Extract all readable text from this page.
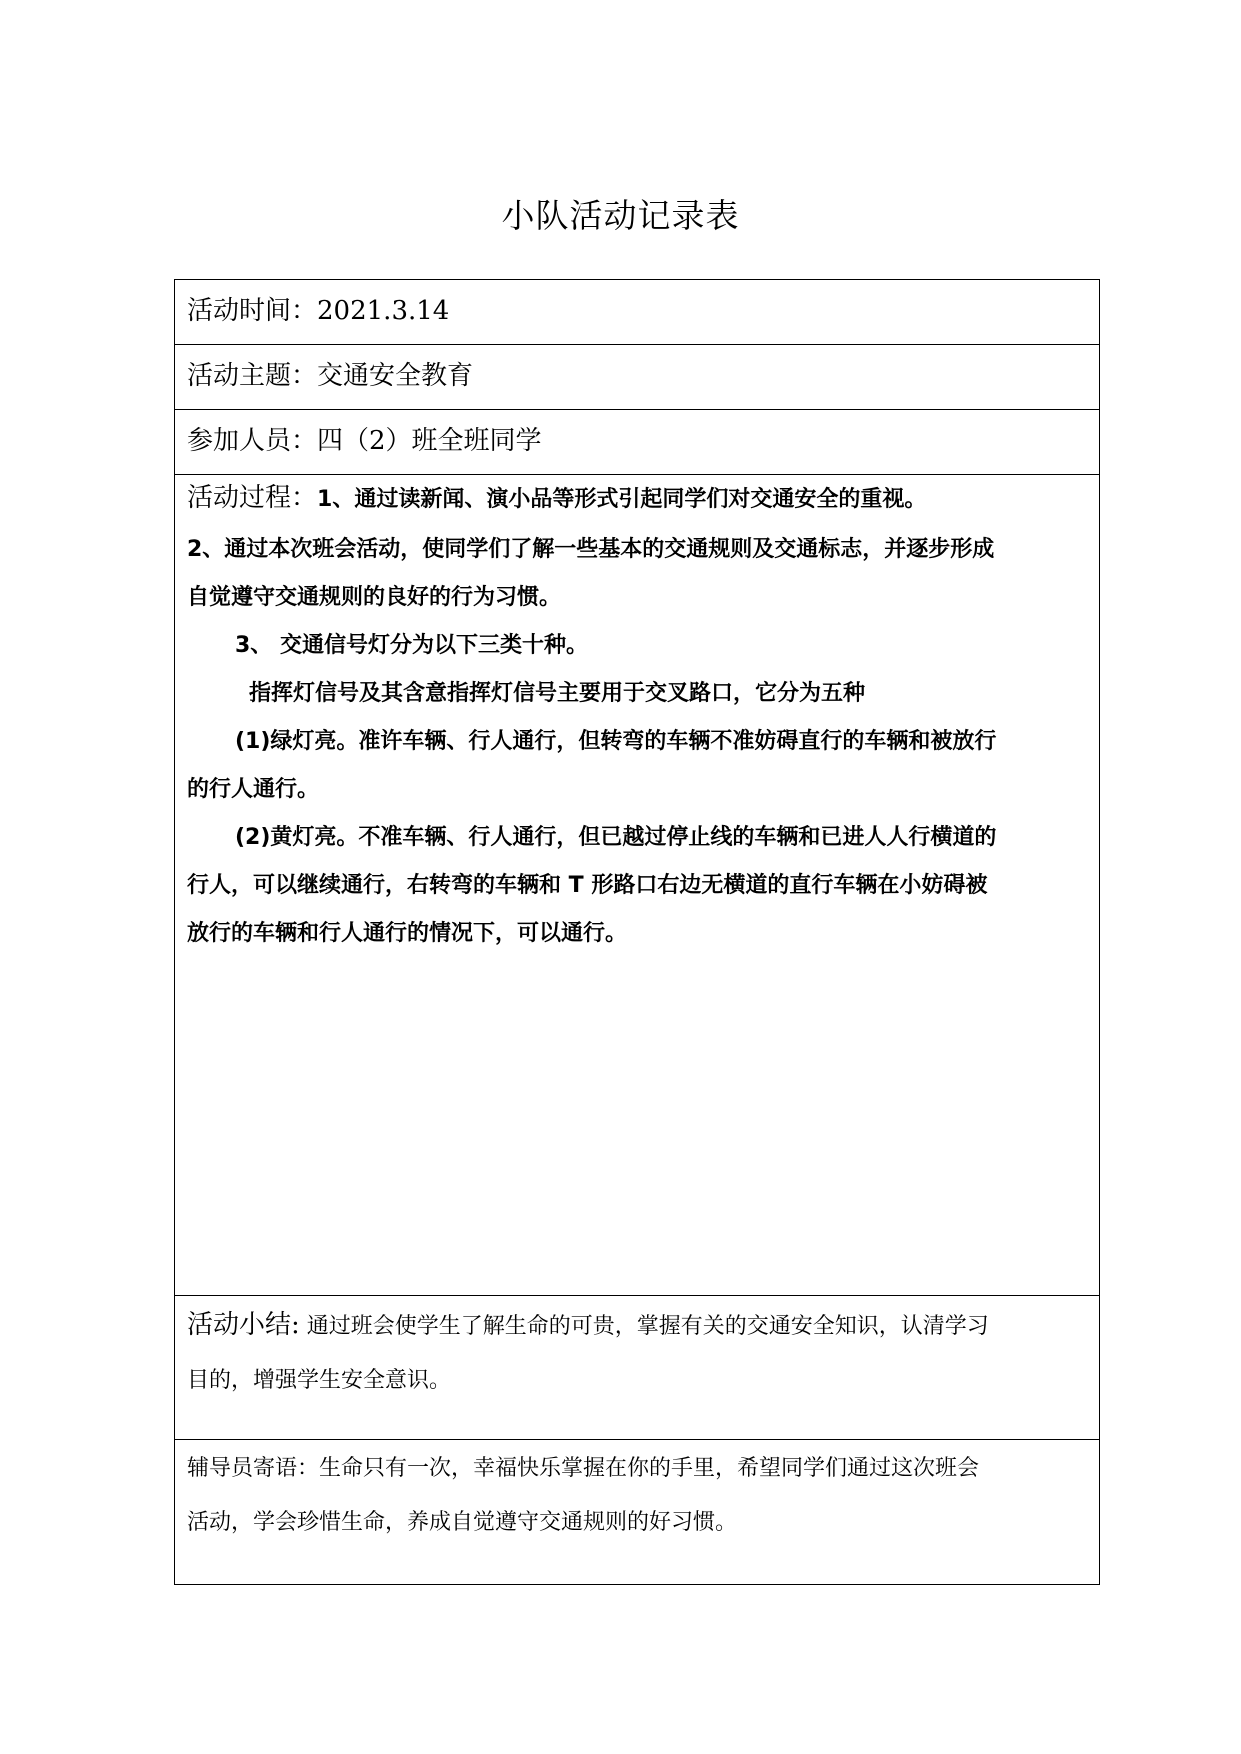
小队活动记录表
活动时间：2021.3.14
活动主题：交通安全教育
参加人员：四（2）班全班同学
活动过程：1、通过读新闻、演小品等形式引起同学们对交通安全的重视。
2、通过本次班会活动，使同学们了解一些基本的交通规则及交通标志，并逐步形成
自觉遵守交通规则的良好的行为习惯。
3、 交通信号灯分为以下三类十种。
指挥灯信号及其含意指挥灯信号主要用于交叉路口，它分为五种
(1)绿灯亮。准许车辆、行人通行，但转弯的车辆不准妨碍直行的车辆和被放行
的行人通行。
(2)黄灯亮。不准车辆、行人通行，但已越过停止线的车辆和已进人人行横道的
行人，可以继续通行，右转弯的车辆和 T 形路口右边无横道的直行车辆在小妨碍被
放行的车辆和行人通行的情况下，可以通行。
活动小结: 通过班会使学生了解生命的可贵，掌握有关的交通安全知识，认清学习
目的，增强学生安全意识。
辅导员寄语：生命只有一次，幸福快乐掌握在你的手里，希望同学们通过这次班会
活动，学会珍惜生命，养成自觉遵守交通规则的好习惯。
